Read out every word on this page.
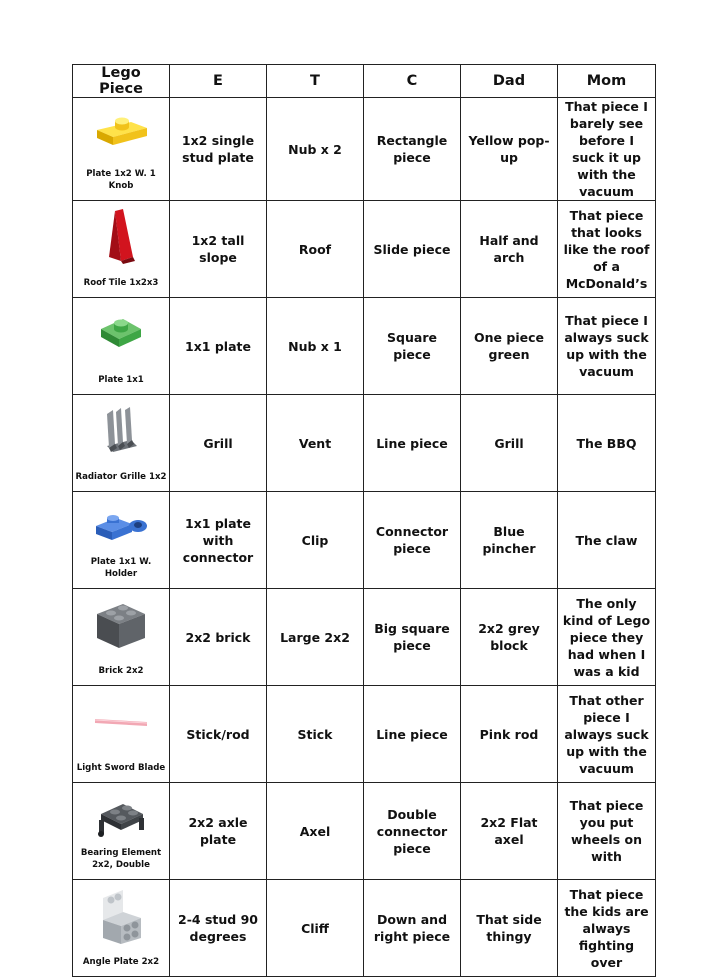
Lego Piece	E	T	C	Dad	Mom

Plate 1x2 W. 1 Knob	1x2 single stud plate	Nub x 2	Rectangle piece	Yellow pop-up	That piece I barely see before I suck it up with the vacuum

Roof Tile 1x2x3	1x2 tall slope	Roof	Slide piece	Half and arch	That piece that looks like the roof of a McDonald’s

Plate 1x1	1x1 plate	Nub x 1	Square piece	One piece green	That piece I always suck up with the vacuum

Radiator Grille 1x2	Grill	Vent	Line piece	Grill	The BBQ

Plate 1x1 W. Holder	1x1 plate with connector	Clip	Connector piece	Blue pincher	The claw

Brick 2x2	2x2 brick	Large 2x2	Big square piece	2x2 grey block	The only kind of Lego piece they had when I was a kid

Light Sword Blade	Stick/rod	Stick	Line piece	Pink rod	That other piece I always suck up with the vacuum

Bearing Element 2x2, Double	2x2 axle plate	Axel	Double connector piece	2x2 Flat axel	That piece you put wheels on with

Angle Plate 2x2	2-4 stud 90 degrees	Cliff	Down and right piece	That side thingy	That piece the kids are always fighting over
